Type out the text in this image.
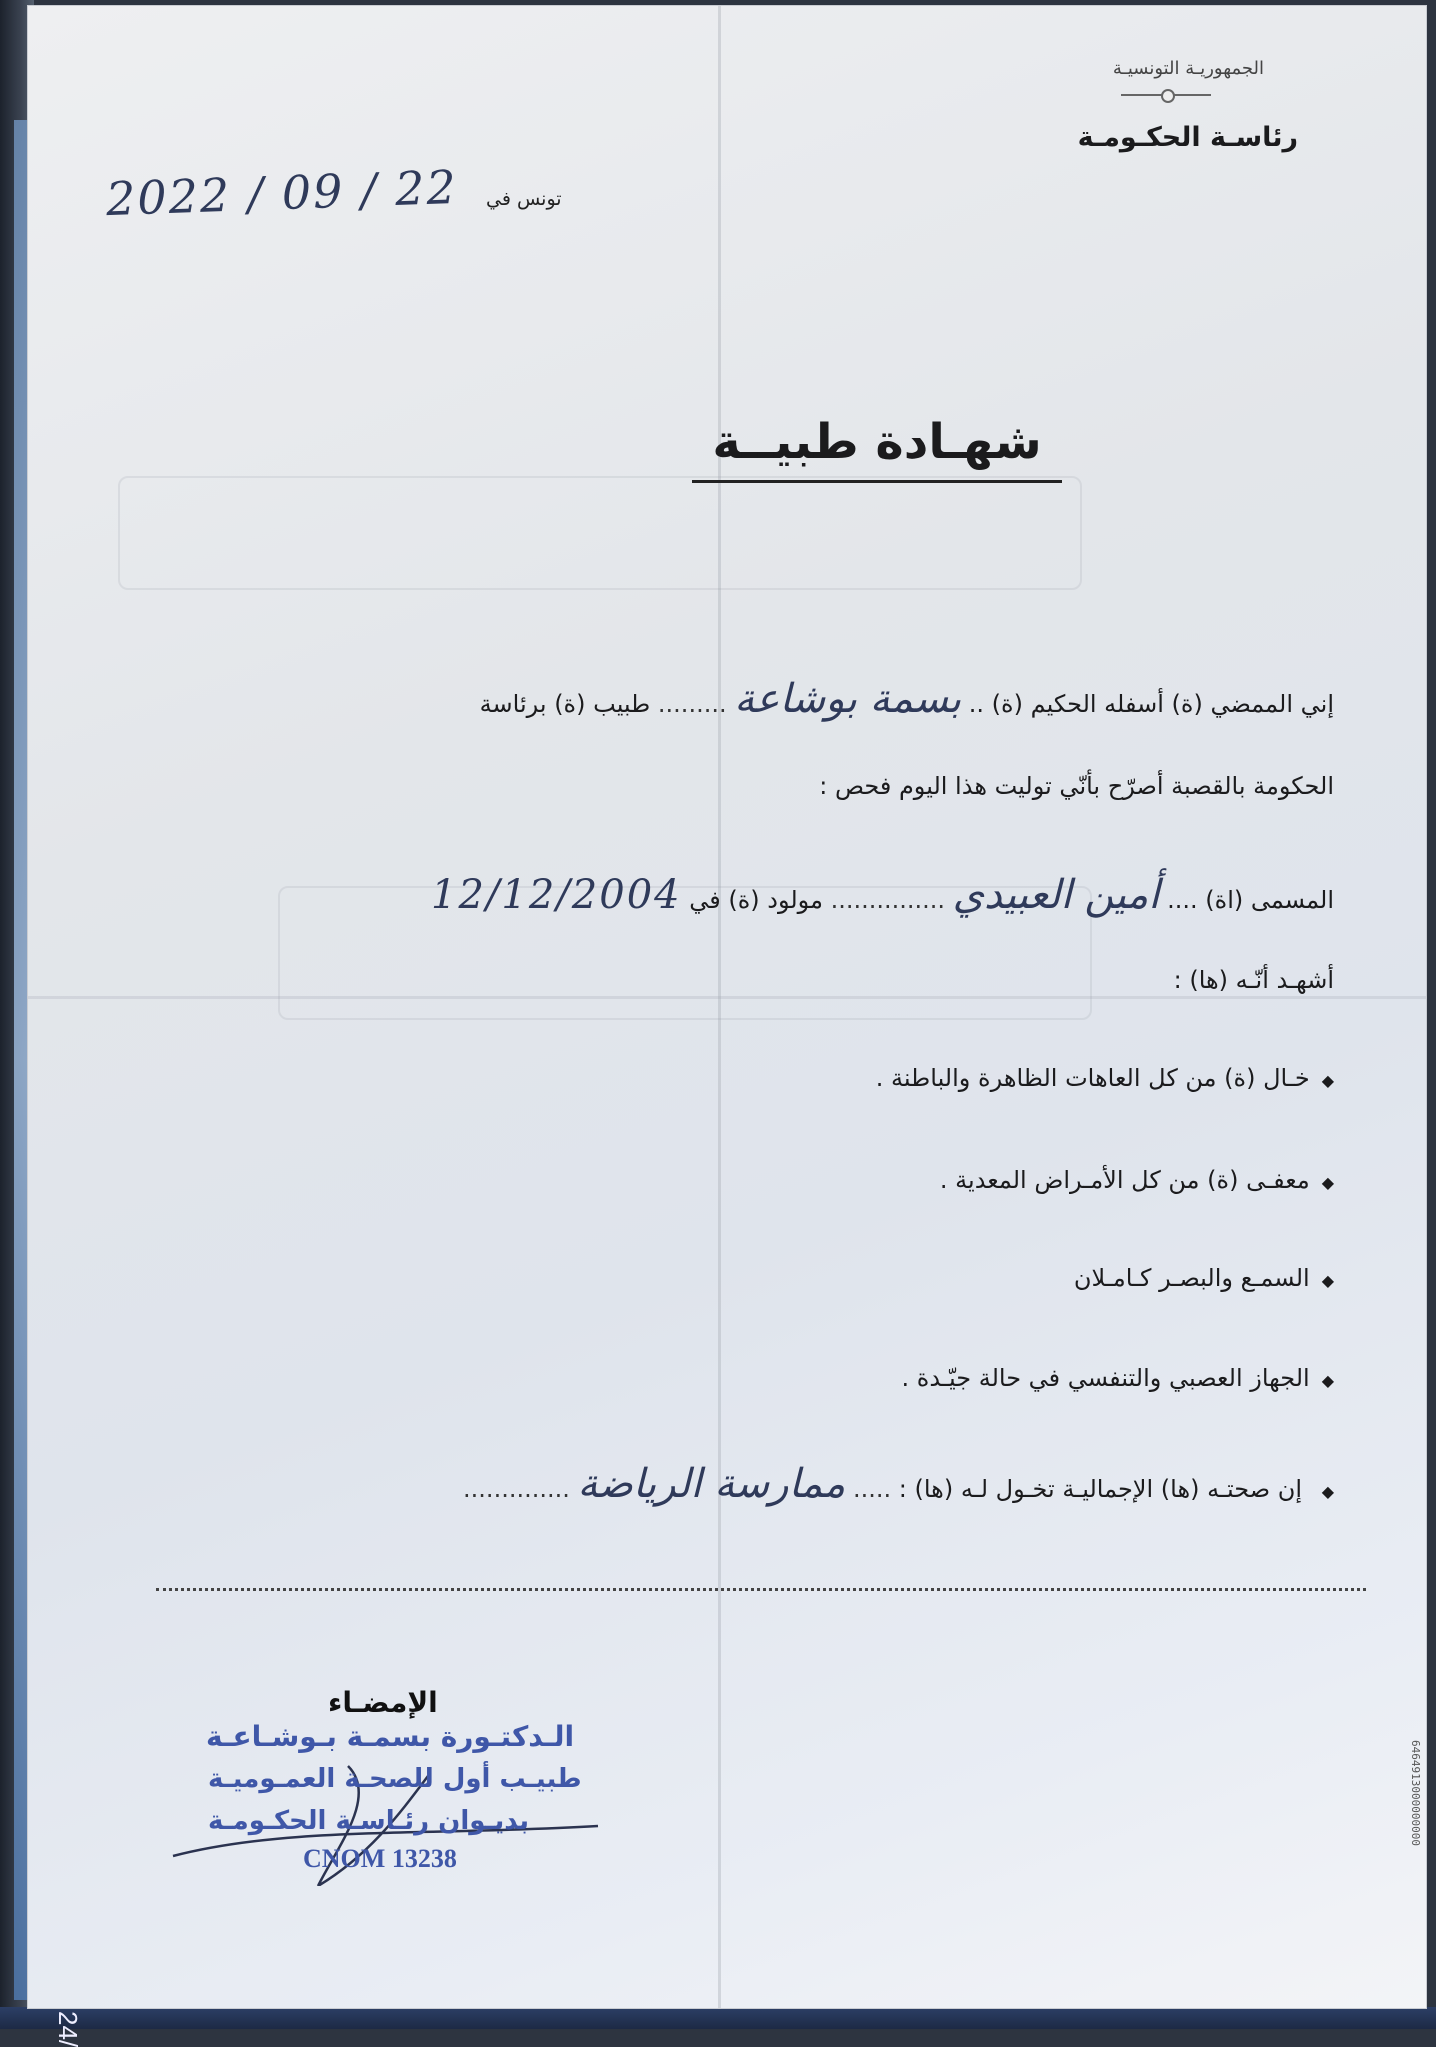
الجمهوريـة التونسيـة
رئاسـة الحكـومـة
2022 / 09 / 22 تونس في
شهـادة طبيــة
إني الممضي (ة) أسفله الحكيم (ة) .. بسمة بوشاعة ......... طبيب (ة) برئاسة
الحكومة بالقصبة أصرّح بأنّي توليت هذا اليوم فحص :
المسمى (اة) .... أمين العبيدي ............... مولود (ة) في 12/12/2004
أشهـد أنّـه (ها) :
◆خـال (ة) من كل العاهات الظاهرة والباطنة .
◆معفـى (ة) من كل الأمـراض المعدية .
◆السمـع والبصـر كـامـلان
◆الجهاز العصبي والتنفسي في حالة جيّـدة .
◆ إن صحتـه (ها) الإجماليـة تخـول لـه (ها) : ..... ممارسة الرياضة ..............
الإمضـاء
الـدكتـورة بسمـة بـوشـاعـة
طبيـب أول للصحـة العمـوميـة
بديـوان رئـاسـة الحكـومـة
CNOM 13238
6464913000000000
24/
